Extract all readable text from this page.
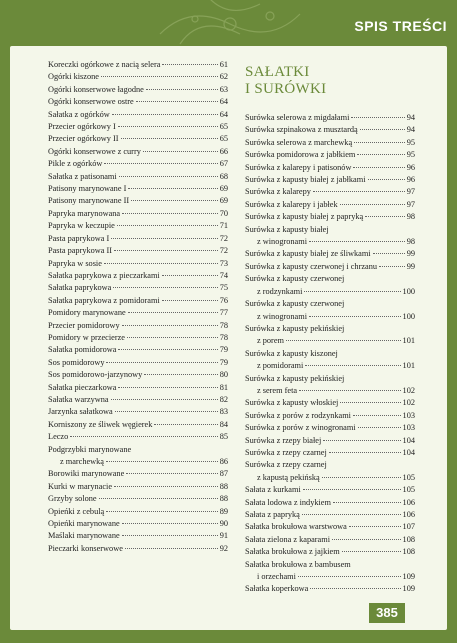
SPIS TREŚCI
Koreczki ogórkowe z nacią selera	61
Ogórki kiszone	62
Ogórki konserwowe łagodne	63
Ogórki konserwowe ostre	64
Sałatka z ogórków	64
Przecier ogórkowy I	65
Przecier ogórkowy II	65
Ogórki konserwowe z curry	66
Pikle z ogórków	67
Sałatka z patisonami	68
Patisony marynowane I	69
Patisony marynowane II	69
Papryka marynowana	70
Papryka w keczupie	71
Pasta paprykowa I	72
Pasta paprykowa II	72
Papryka w sosie	73
Sałatka paprykowa z pieczarkami	74
Sałatka paprykowa	75
Sałatka paprykowa z pomidorami	76
Pomidory marynowane	77
Przecier pomidorowy	78
Pomidory w przecierze	78
Sałatka pomidorowa	79
Sos pomidorowy	79
Sos pomidorowo-jarzynowy	80
Sałatka pieczarkowa	81
Sałatka warzywna	82
Jarzynka sałatkowa	83
Korniszony ze śliwek węgierek	84
Leczo	85
Podgrzybki marynowane
z marchewką	86
Borowiki marynowane	87
Kurki w marynacie	88
Grzyby solone	88
Opieńki z cebulą	89
Opieńki marynowane	90
Maślaki marynowane	91
Pieczarki konserwowe	92
SAŁATKI
I SURÓWKI
Surówka selerowa z migdałami	94
Surówka szpinakowa z musztardą	94
Surówka selerowa z marchewką	95
Surówka pomidorowa z jabłkiem	95
Surówka z kalarepy i patisonów	96
Surówka z kapusty białej z jabłkami	96
Surówka z kalarepy	97
Surówka z kalarepy i jabłek	97
Surówka z kapusty białej z papryką	98
Surówka z kapusty białej
z winogronami	98
Surówka z kapusty białej ze śliwkami	99
Surówka z kapusty czerwonej i chrzanu	99
Surówka z kapusty czerwonej
z rodzynkami	100
Surówka z kapusty czerwonej
z winogronami	100
Surówka z kapusty pekińskiej
z porem	101
Surówka z kapusty kiszonej
z pomidorami	101
Surówka z kapusty pekińskiej
z serem feta	102
Surówka z kapusty włoskiej	102
Surówka z porów z rodzynkami	103
Surówka z porów z winogronami	103
Surówka z rzepy białej	104
Surówka z rzepy czarnej	104
Surówka z rzepy czarnej
z kapustą pekińską	105
Sałata z kurkami	105
Sałata lodowa z indykiem	106
Sałata z papryką	106
Sałatka brokułowa warstwowa	107
Sałata zielona z kaparami	108
Sałatka brokułowa z jajkiem	108
Sałatka brokułowa z bambusem
i orzechami	109
Sałatka koperkowa	109
385
